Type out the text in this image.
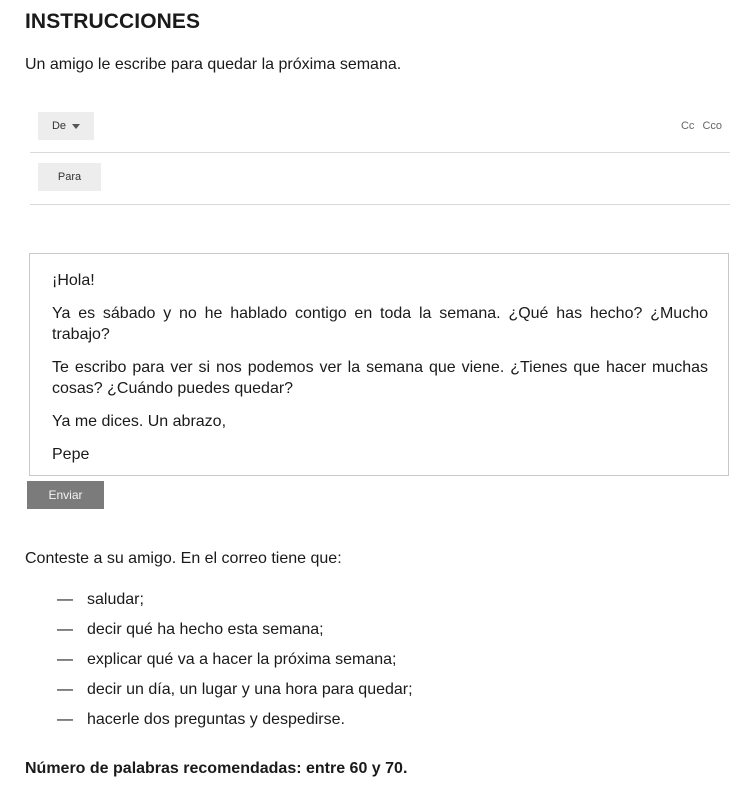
INSTRUCCIONES

Un amigo le escribe para quedar la próxima semana.

De	Cc Cco
Para

¡Hola!

Ya es sábado y no he hablado contigo en toda la semana. ¿Qué has hecho? ¿Mucho trabajo?

Te escribo para ver si nos podemos ver la semana que viene. ¿Tienes que hacer muchas cosas? ¿Cuándo puedes quedar?

Ya me dices. Un abrazo,

Pepe

Enviar

Conteste a su amigo. En el correo tiene que:

— saludar;
— decir qué ha hecho esta semana;
— explicar qué va a hacer la próxima semana;
— decir un día, un lugar y una hora para quedar;
— hacerle dos preguntas y despedirse.

Número de palabras recomendadas: entre 60 y 70.
